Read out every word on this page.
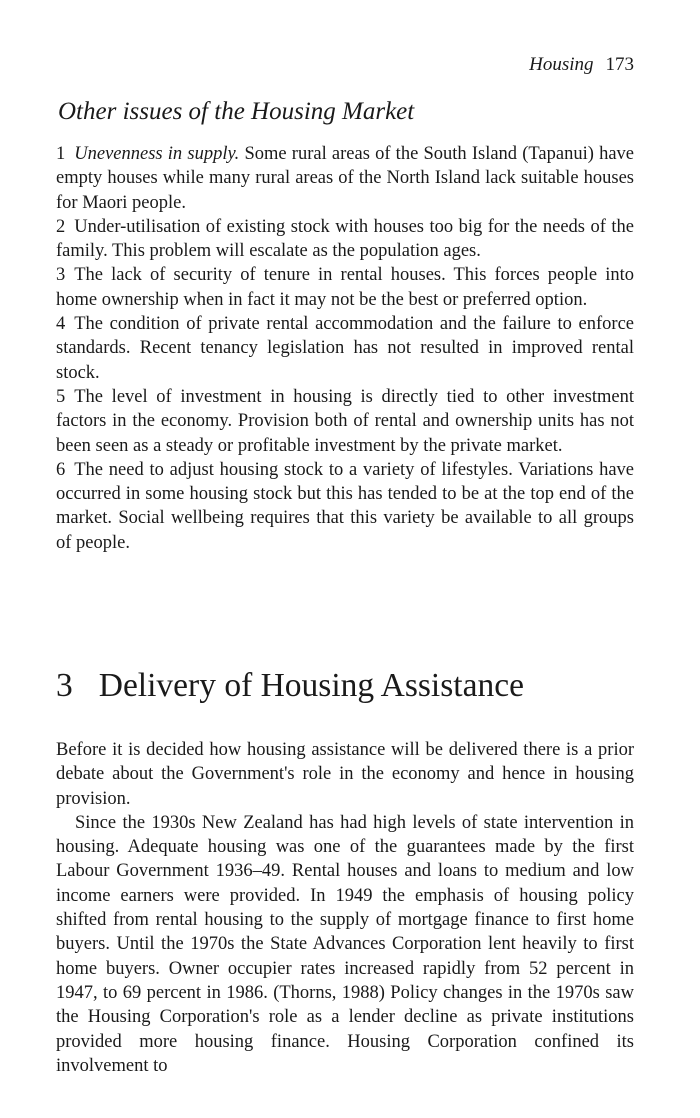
Housing 173
Other issues of the Housing Market

1 Unevenness in supply. Some rural areas of the South Island (Tapanui) have empty houses while many rural areas of the North Island lack suitable houses for Maori people.

2 Under-utilisation of existing stock with houses too big for the needs of the family. This problem will escalate as the population ages.

3 The lack of security of tenure in rental houses. This forces people into home ownership when in fact it may not be the best or preferred option.

4 The condition of private rental accommodation and the failure to enforce standards. Recent tenancy legislation has not resulted in improved rental stock.

5 The level of investment in housing is directly tied to other investment factors in the economy. Provision both of rental and ownership units has not been seen as a steady or profitable investment by the private market.

6 The need to adjust housing stock to a variety of lifestyles. Variations have occurred in some housing stock but this has tended to be at the top end of the market. Social wellbeing requires that this variety be available to all groups of people.

3 Delivery of Housing Assistance

Before it is decided how housing assistance will be delivered there is a prior debate about the Government's role in the economy and hence in housing provision.

Since the 1930s New Zealand has had high levels of state intervention in housing. Adequate housing was one of the guarantees made by the first Labour Government 1936–49. Rental houses and loans to medium and low income earners were provided. In 1949 the emphasis of housing policy shifted from rental housing to the supply of mortgage finance to first home buyers. Until the 1970s the State Advances Corporation lent heavily to first home buyers. Owner occupier rates increased rapidly from 52 percent in 1947, to 69 percent in 1986. (Thorns, 1988) Policy changes in the 1970s saw the Housing Corporation's role as a lender decline as private institutions provided more housing finance. Housing Corporation confined its involvement to
